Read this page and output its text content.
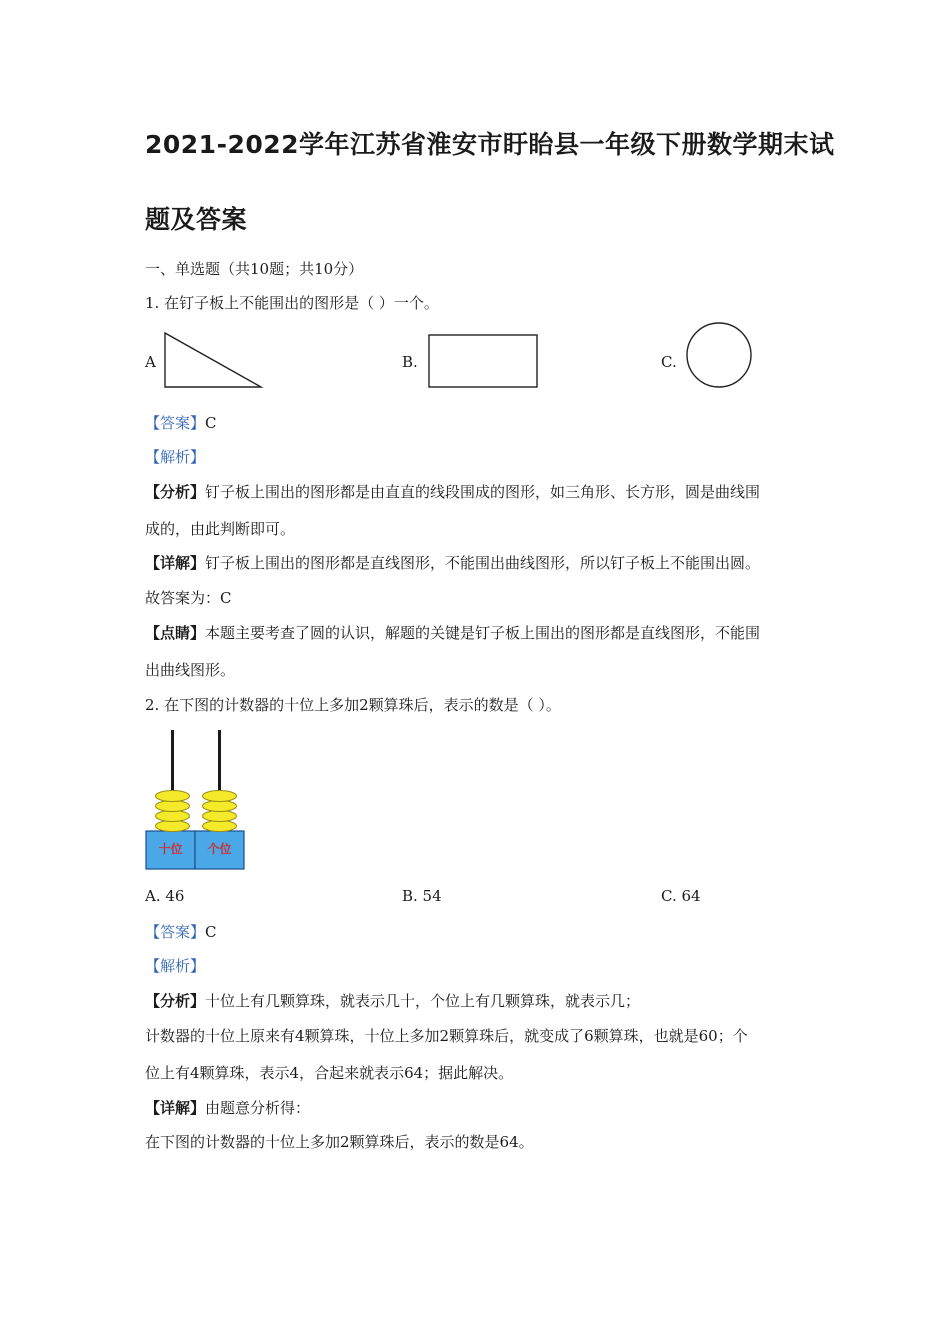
2021-2022学年江苏省淮安市盱眙县一年级下册数学期末试
题及答案
一、单选题（共10题；共10分）
1. 在钉子板上不能围出的图形是（ ）一个。
A	B.	C.
【答案】C
【解析】
【分析】钉子板上围出的图形都是由直直的线段围成的图形，如三角形、长方形，圆是曲线围
成的，由此判断即可。
【详解】钉子板上围出的图形都是直线图形，不能围出曲线图形，所以钉子板上不能围出圆。
故答案为：C
【点睛】本题主要考查了圆的认识，解题的关键是钉子板上围出的图形都是直线图形，不能围
出曲线图形。
2. 在下图的计数器的十位上多加2颗算珠后，表示的数是（ ）。
十位 个位
A. 46	B. 54	C. 64
【答案】C
【解析】
【分析】十位上有几颗算珠，就表示几十，个位上有几颗算珠，就表示几；
计数器的十位上原来有4颗算珠，十位上多加2颗算珠后，就变成了6颗算珠，也就是60；个
位上有4颗算珠，表示4，合起来就表示64；据此解决。
【详解】由题意分析得：
在下图的计数器的十位上多加2颗算珠后，表示的数是64。
